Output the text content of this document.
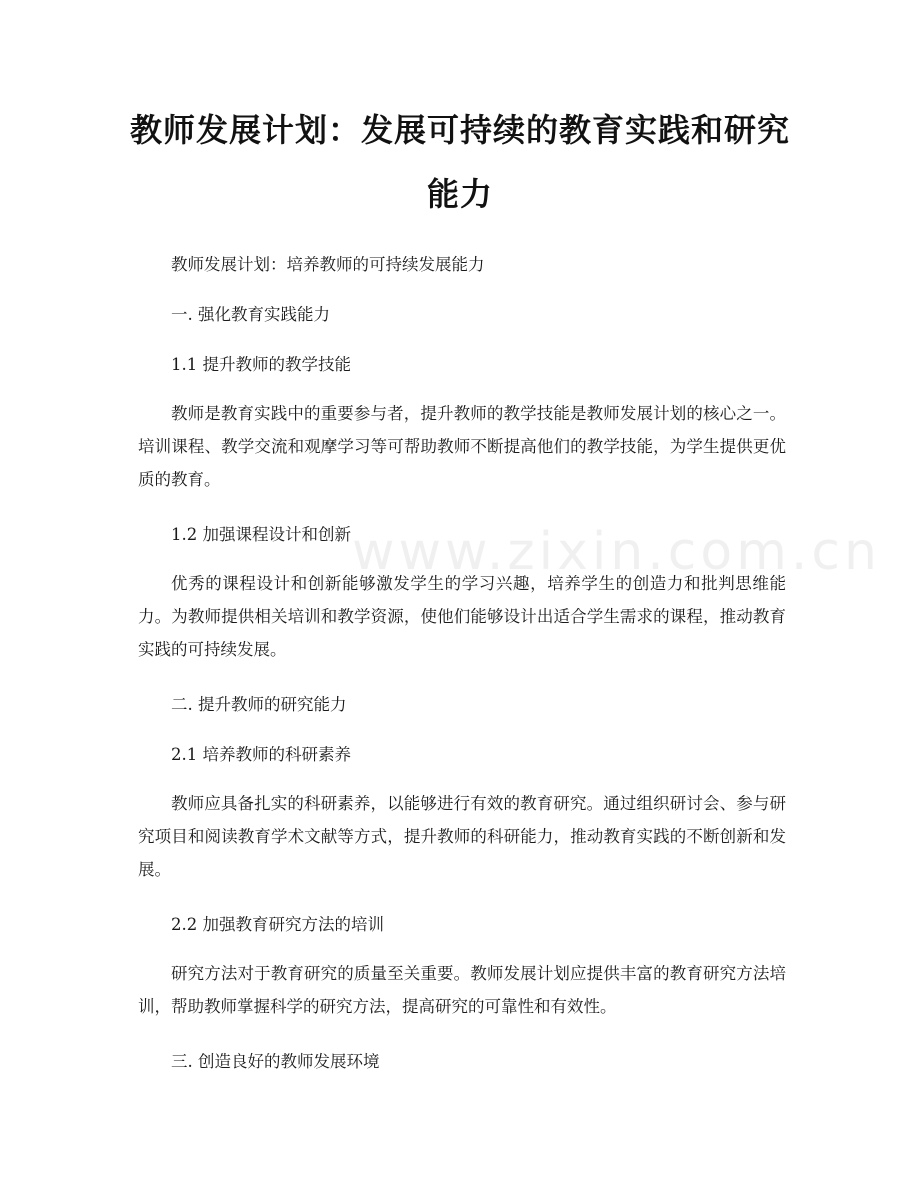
教师发展计划：发展可持续的教育实践和研究能力
www.zixin.com.cn

教师发展计划：培养教师的可持续发展能力

一. 强化教育实践能力

1.1 提升教师的教学技能

教师是教育实践中的重要参与者，提升教师的教学技能是教师发展计划的核心之一。培训课程、教学交流和观摩学习等可帮助教师不断提高他们的教学技能，为学生提供更优质的教育。

1.2 加强课程设计和创新

优秀的课程设计和创新能够激发学生的学习兴趣，培养学生的创造力和批判思维能力。为教师提供相关培训和教学资源，使他们能够设计出适合学生需求的课程，推动教育实践的可持续发展。

二. 提升教师的研究能力

2.1 培养教师的科研素养

教师应具备扎实的科研素养，以能够进行有效的教育研究。通过组织研讨会、参与研究项目和阅读教育学术文献等方式，提升教师的科研能力，推动教育实践的不断创新和发展。

2.2 加强教育研究方法的培训

研究方法对于教育研究的质量至关重要。教师发展计划应提供丰富的教育研究方法培训，帮助教师掌握科学的研究方法，提高研究的可靠性和有效性。

三. 创造良好的教师发展环境
